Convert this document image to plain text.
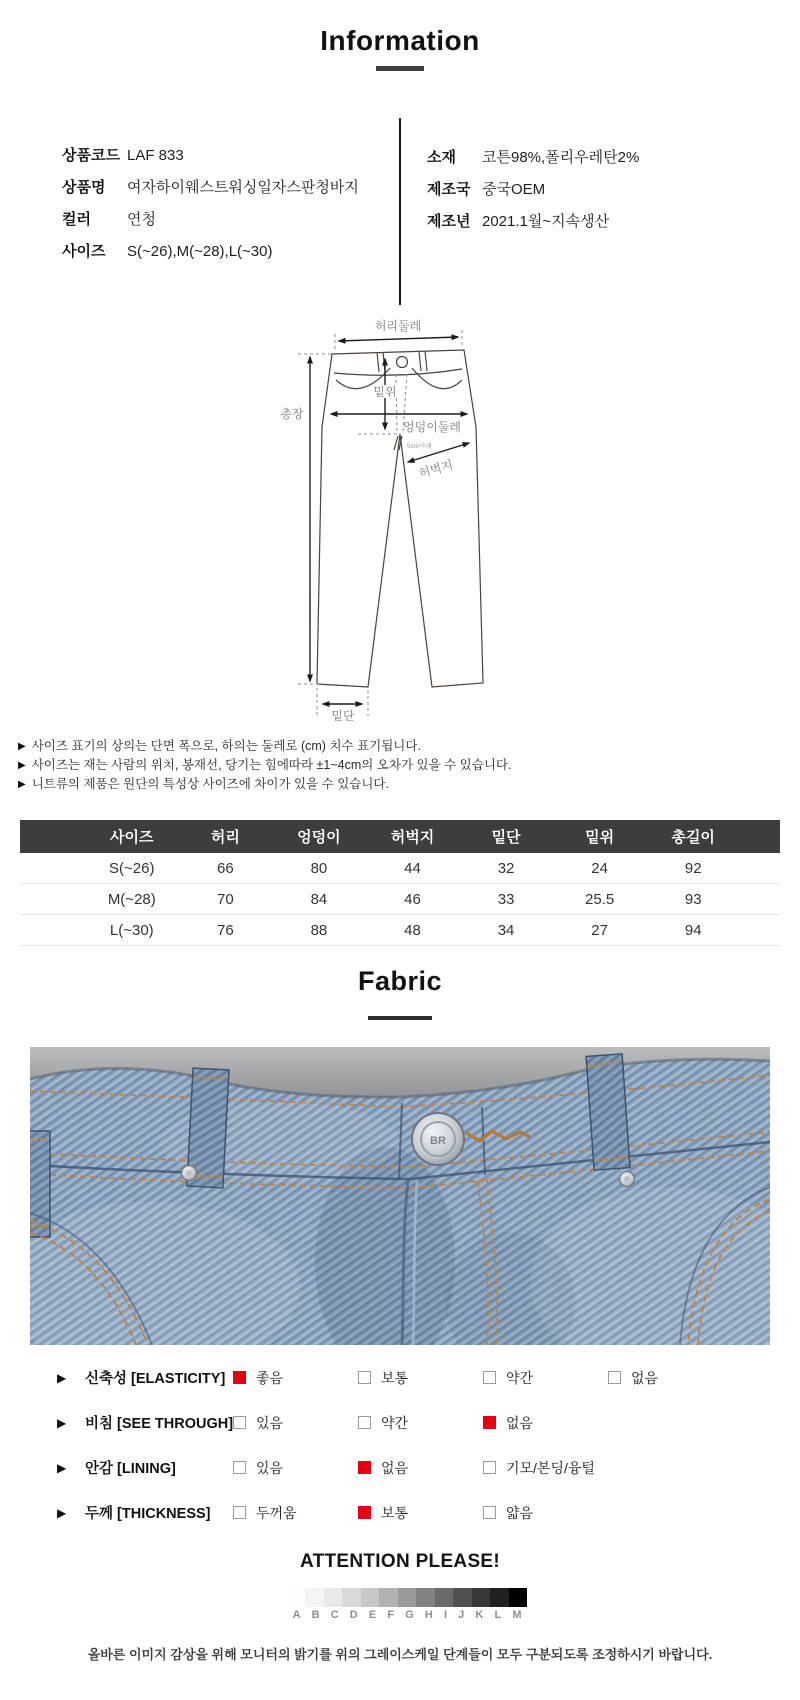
Information
상품코드 LAF 833
상품명 여자하이웨스트워싱일자스판청바지
컬러 연청
사이즈 S(~26),M(~28),L(~30)
소재 코튼98%,폴리우레탄2%
제조국 중국OEM
제조년 2021.1월~지속생산
허리둘레
총장
밑위
엉덩이둘레
5cm아래
허벅지
밑단
▶ 사이즈 표기의 상의는 단면 폭으로, 하의는 둘레로 (cm) 치수 표기됩니다.
▶ 사이즈는 재는 사람의 위치, 봉재선, 당기는 힘에따라 ±1~4cm의 오차가 있을 수 있습니다.
▶ 니트류의 제품은 원단의 특성상 사이즈에 차이가 있을 수 있습니다.
사이즈	허리	엉덩이	허벅지	밑단	밑위	총길이
S(~26)	66	80	44	32	24	92
M(~28)	70	84	46	33	25.5	93
L(~30)	76	88	48	34	27	94
Fabric
BR
▶	신축성 [ELASTICITY]	좋음	보통	약간	없음
▶	비침 [SEE THROUGH] 있음	약간	없음
▶	안감 [LINING]	있음	없음	기모/본딩/융털
▶	두께 [THICKNESS]	두꺼움	보통	얇음
ATTENTION PLEASE!
A	B	C	D	E	F	G	H	I	J	K	L	M
올바른 이미지 감상을 위해 모니터의 밝기를 위의 그레이스케일 단계들이 모두 구분되도록 조정하시기 바랍니다.
